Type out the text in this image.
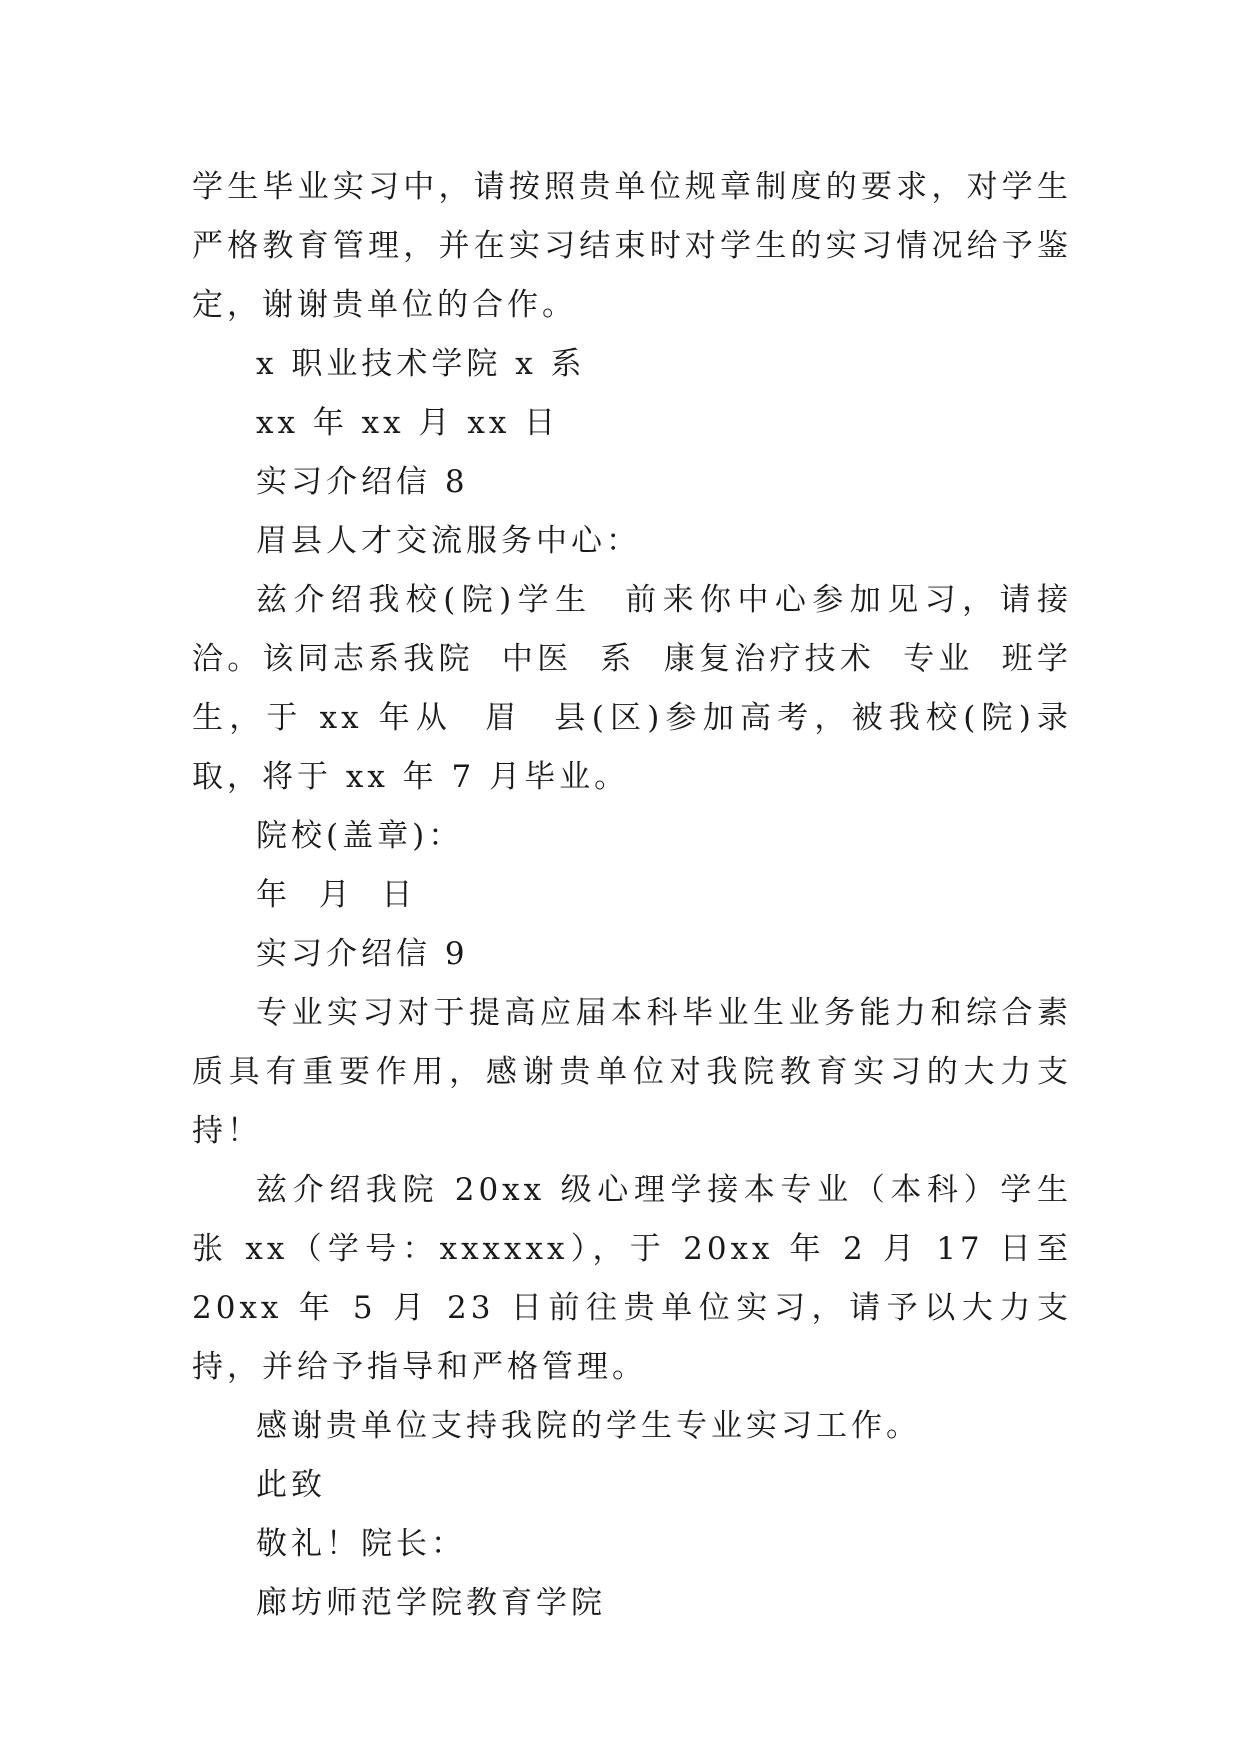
学生毕业实习中，请按照贵单位规章制度的要求，对学生严格教育管理，并在实习结束时对学生的实习情况给予鉴定，谢谢贵单位的合作。

x 职业技术学院 x 系

xx 年 xx 月 xx 日

实习介绍信 8

眉县人才交流服务中心：

兹介绍我校(院)学生  前来你中心参加见习，请接洽。该同志系我院  中医  系  康复治疗技术  专业  班学生，于 xx 年从  眉  县(区)参加高考，被我校(院)录取，将于 xx 年 7 月毕业。

院校(盖章)：

年  月  日

实习介绍信 9

专业实习对于提高应届本科毕业生业务能力和综合素质具有重要作用，感谢贵单位对我院教育实习的大力支持！

兹介绍我院 20xx 级心理学接本专业（本科）学生张 xx（学号：xxxxxx），于 20xx 年 2 月 17 日至 20xx 年 5 月 23 日前往贵单位实习，请予以大力支持，并给予指导和严格管理。

感谢贵单位支持我院的学生专业实习工作。

此致

敬礼！院长：

廊坊师范学院教育学院
